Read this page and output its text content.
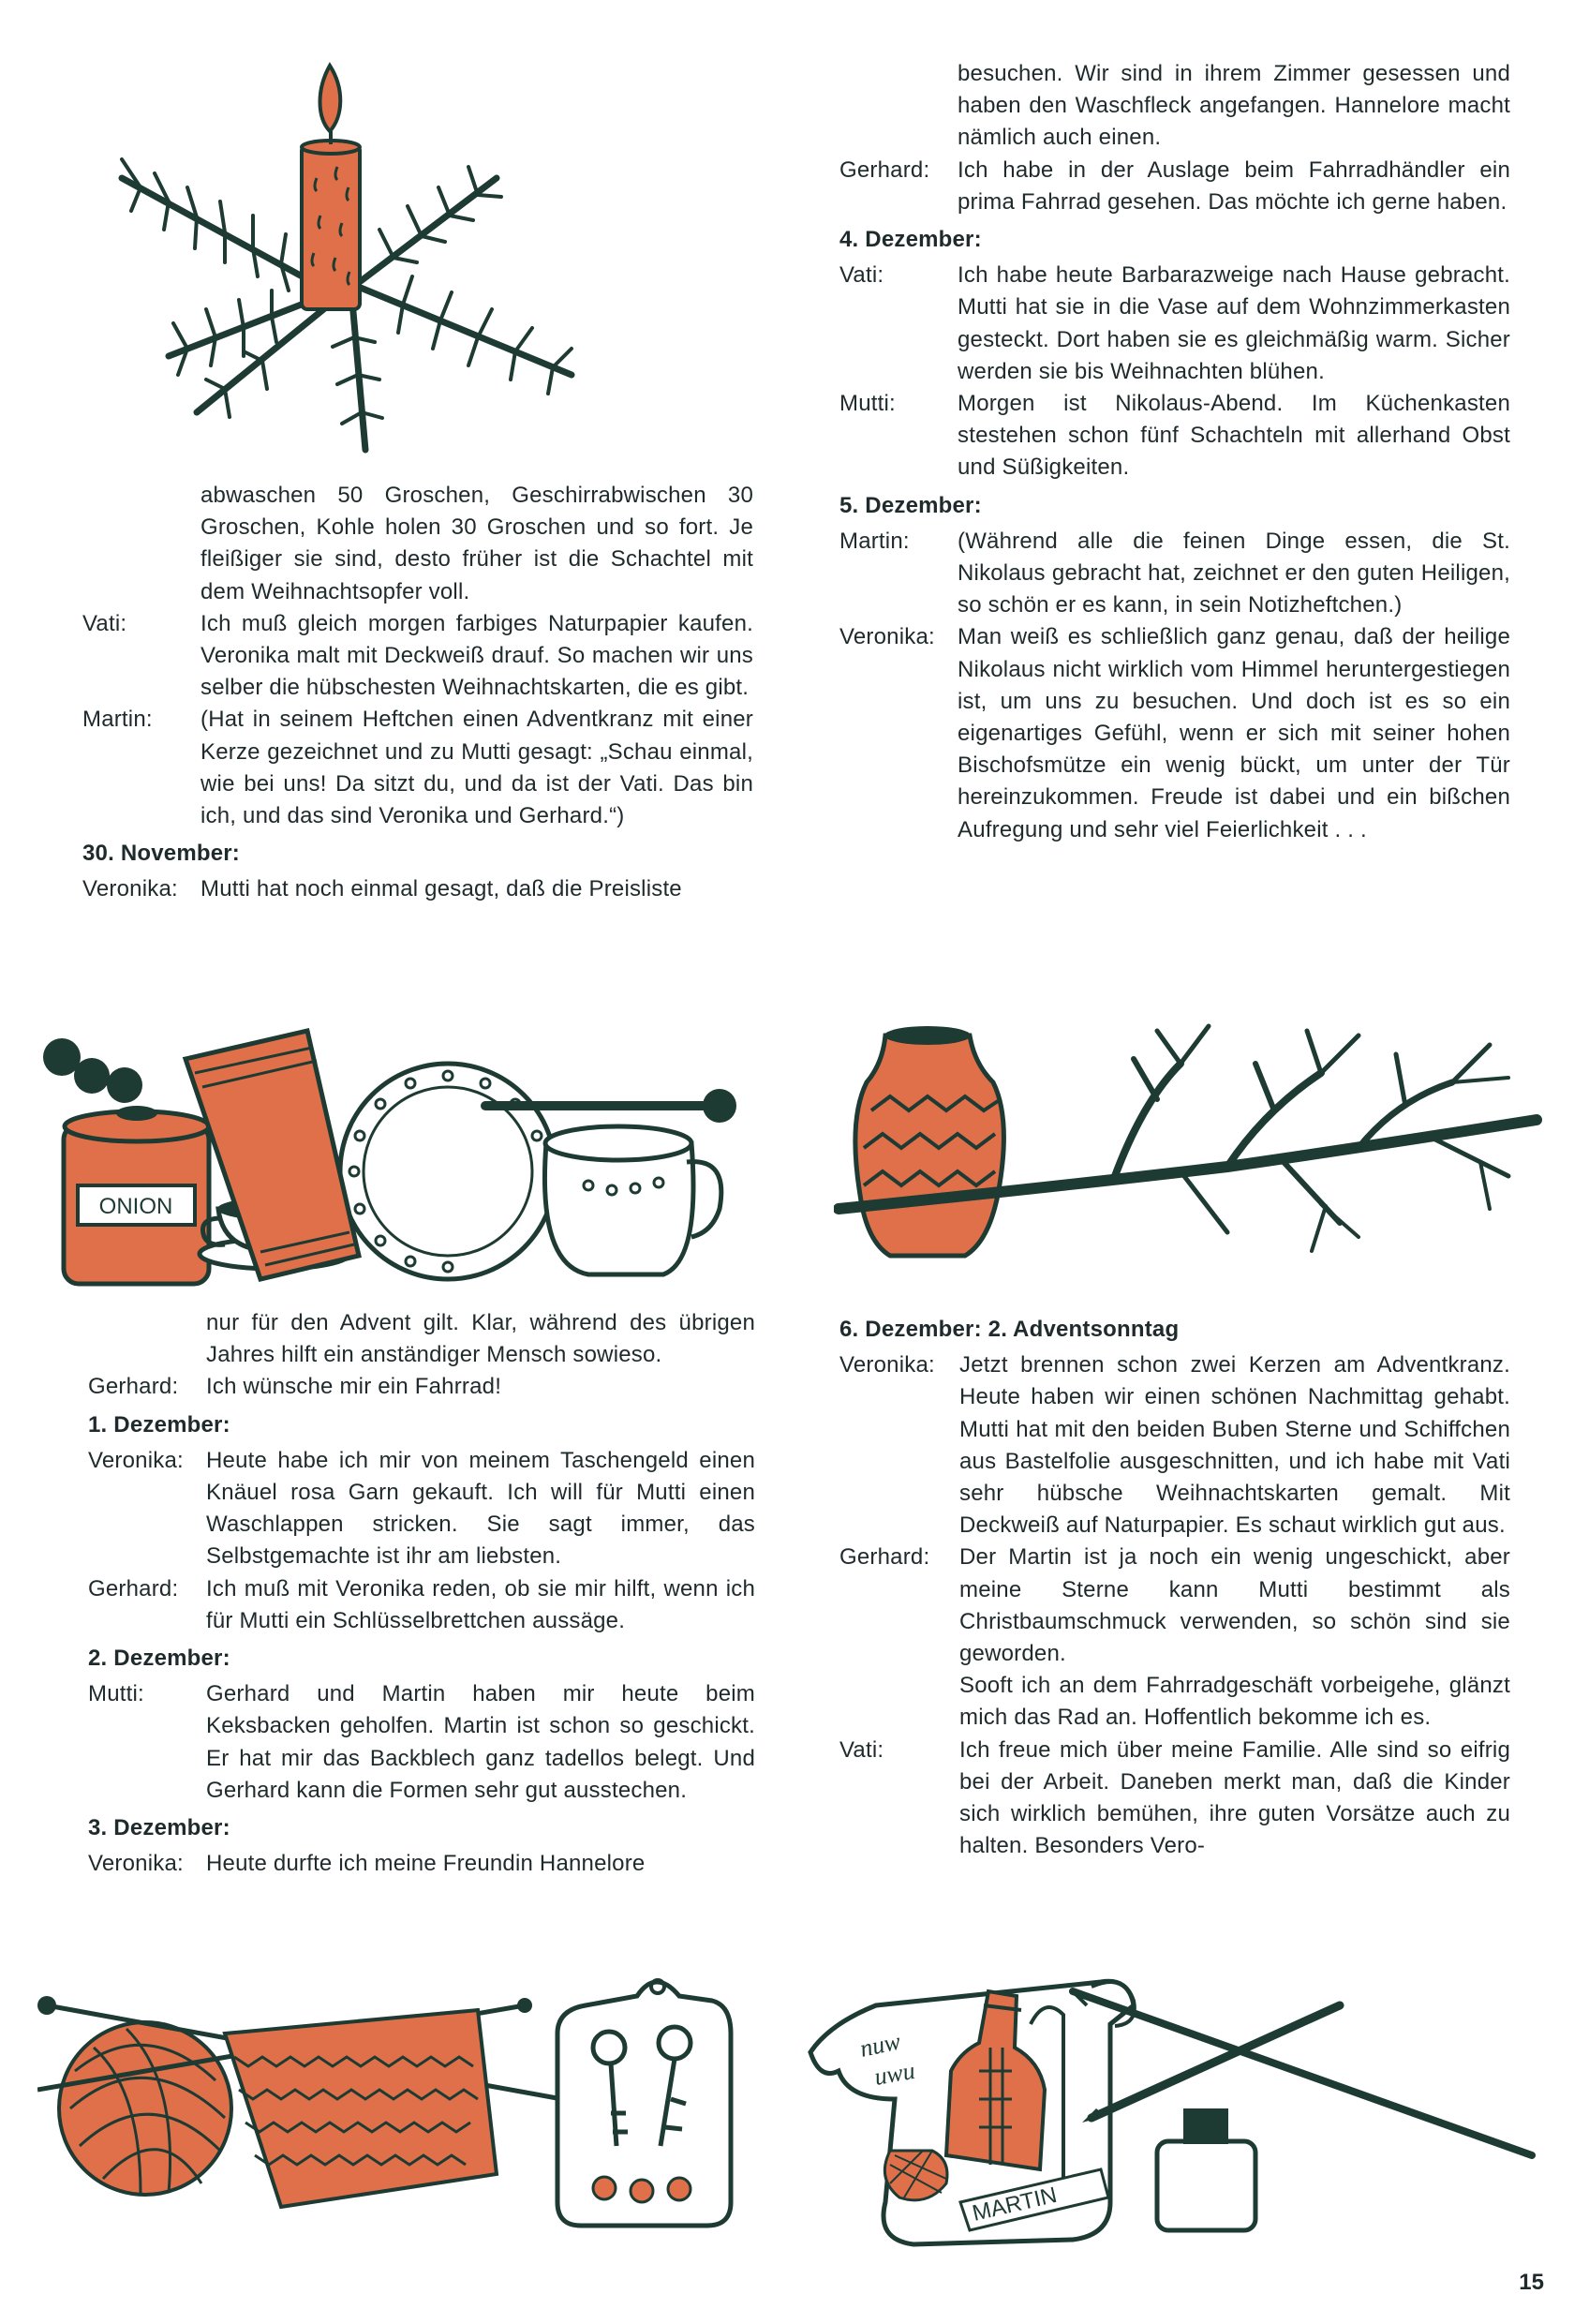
abwaschen 50 Groschen, Geschirrabwischen 30 Groschen, Kohle holen 30 Groschen und so fort. Je fleißiger sie sind, desto früher ist die Schachtel mit dem Weihnachtsopfer voll.

Vati:	Ich muß gleich morgen farbiges Naturpapier kaufen. Veronika malt mit Deckweiß drauf. So machen wir uns selber die hübschesten Weihnachtskarten, die es gibt.

Martin:	(Hat in seinem Heftchen einen Adventkranz mit einer Kerze gezeichnet und zu Mutti gesagt: „Schau einmal, wie bei uns! Da sitzt du, und da ist der Vati. Das bin ich, und das sind Veronika und Gerhard.“)

30. November:

Veronika:	Mutti hat noch einmal gesagt, daß die Preisliste

besuchen. Wir sind in ihrem Zimmer gesessen und haben den Waschfleck angefangen. Hannelore macht nämlich auch einen.

Gerhard:	Ich habe in der Auslage beim Fahrradhändler ein prima Fahrrad gesehen. Das möchte ich gerne haben.

4. Dezember:

Vati:	Ich habe heute Barbarazweige nach Hause gebracht. Mutti hat sie in die Vase auf dem Wohnzimmerkasten gesteckt. Dort haben sie es gleichmäßig warm. Sicher werden sie bis Weihnachten blühen.

Mutti:	Morgen ist Nikolaus-Abend. Im Küchenkasten stestehen schon fünf Schachteln mit allerhand Obst und Süßigkeiten.

5. Dezember:

Martin:	(Während alle die feinen Dinge essen, die St. Nikolaus gebracht hat, zeichnet er den guten Heiligen, so schön er es kann, in sein Notizheftchen.)

Veronika:	Man weiß es schließlich ganz genau, daß der heilige Nikolaus nicht wirklich vom Himmel heruntergestiegen ist, um uns zu besuchen. Und doch ist es so ein eigenartiges Gefühl, wenn er sich mit seiner hohen Bischofsmütze ein wenig bückt, um unter der Tür hereinzukommen. Freude ist dabei und ein bißchen Aufregung und sehr viel Feierlichkeit . . .

ONION
nur für den Advent gilt. Klar, während des übrigen Jahres hilft ein anständiger Mensch sowieso.

Gerhard:	Ich wünsche mir ein Fahrrad!

1. Dezember:

Veronika:	Heute habe ich mir von meinem Taschengeld einen Knäuel rosa Garn gekauft. Ich will für Mutti einen Waschlappen stricken. Sie sagt immer, das Selbstgemachte ist ihr am liebsten.

Gerhard:	Ich muß mit Veronika reden, ob sie mir hilft, wenn ich für Mutti ein Schlüsselbrettchen aussäge.

2. Dezember:

Mutti:	Gerhard und Martin haben mir heute beim Keksbacken geholfen. Martin ist schon so geschickt. Er hat mir das Backblech ganz tadellos belegt. Und Gerhard kann die Formen sehr gut ausstechen.

3. Dezember:

Veronika:	Heute durfte ich meine Freundin Hannelore

6. Dezember: 2. Adventsonntag

Veronika:	Jetzt brennen schon zwei Kerzen am Adventkranz. Heute haben wir einen schönen Nachmittag gehabt. Mutti hat mit den beiden Buben Sterne und Schiffchen aus Bastelfolie ausgeschnitten, und ich habe mit Vati sehr hübsche Weihnachtskarten gemalt. Mit Deckweiß auf Naturpapier. Es schaut wirklich gut aus.

Gerhard:	Der Martin ist ja noch ein wenig ungeschickt, aber meine Sterne kann Mutti bestimmt als Christbaumschmuck verwenden, so schön sind sie geworden.

Sooft ich an dem Fahrradgeschäft vorbeigehe, glänzt mich das Rad an. Hoffentlich bekomme ich es.

Vati:	Ich freue mich über meine Familie. Alle sind so eifrig bei der Arbeit. Daneben merkt man, daß die Kinder sich wirklich bemühen, ihre guten Vorsätze auch zu halten. Besonders Vero-

nuw
uwu
MARTIN
15
